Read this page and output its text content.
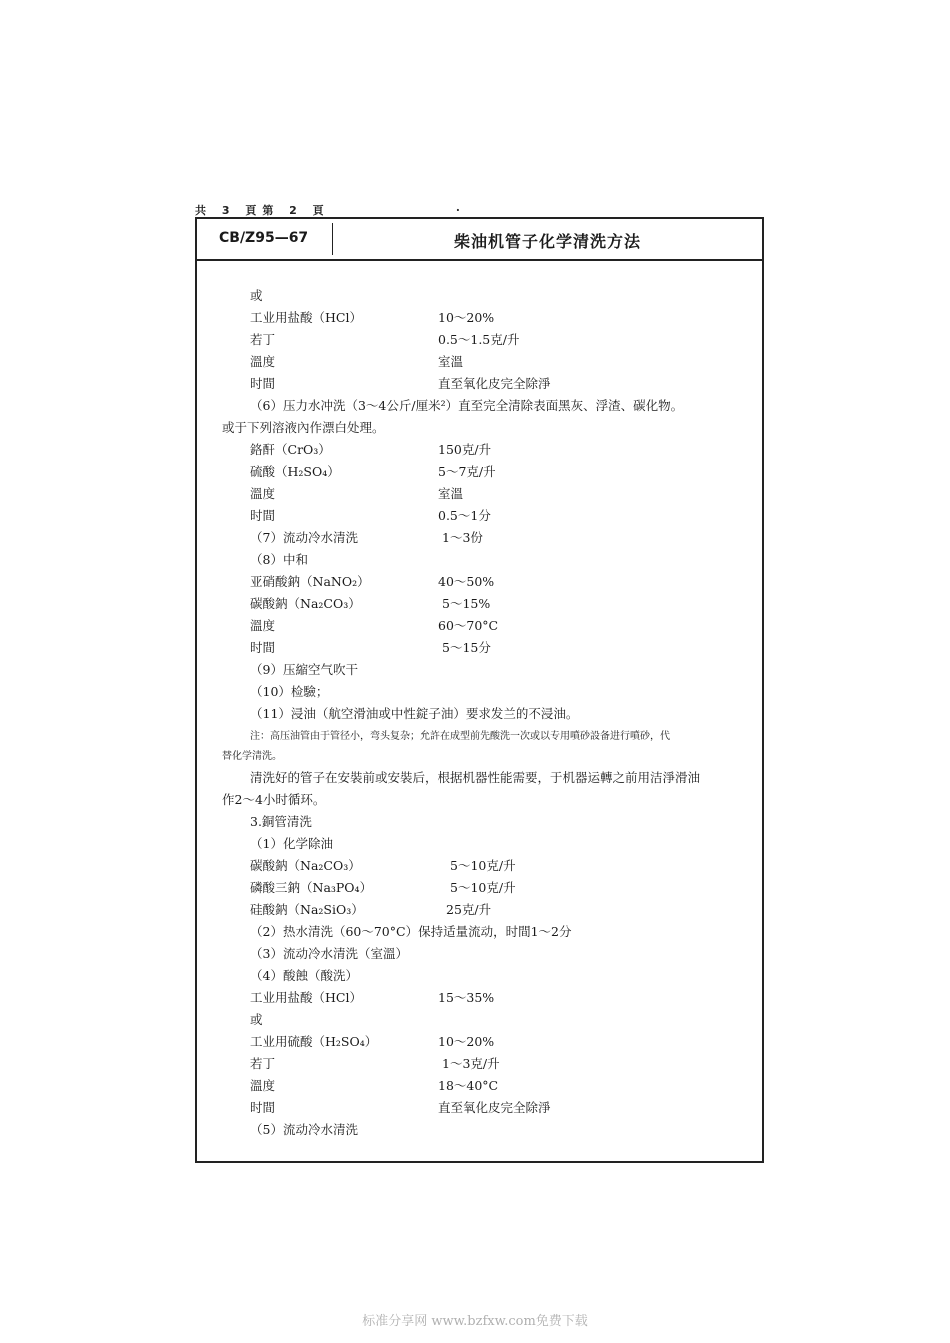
共 3 頁第 2 頁	·
CB/Z95—67	柴油机管子化学清洗方法
或
工业用盐酸（HCl）	10～20%
若丁	0.5～1.5克/升
溫度	室溫
时間	直至氧化皮完全除淨
（6）压力水冲洗（3～4公斤/厘米²）直至完全清除表面黑灰、浮渣、碳化物。
或于下列溶液內作漂白处理。
鉻酐（CrO₃）	150克/升
硫酸（H₂SO₄）	5～7克/升
溫度	室溫
时間	0.5～1分
（7）流动冷水清洗	1～3份
（8）中和
亚硝酸鈉（NaNO₂）	40～50%
碳酸鈉（Na₂CO₃）	5～15%
溫度	60～70°C
时間	5～15分
（9）压縮空气吹干
（10）检驗；
（11）浸油（航空滑油或中性錠子油）要求发兰的不浸油。
注：高压油管由于管径小，弯头复杂；允許在成型前先酸洗一次或以专用噴砂設备进行噴砂，代
替化学清洗。
清洗好的管子在安裝前或安裝后，根据机器性能需要，于机器运轉之前用洁淨滑油
作2～4小时循环。
3.銅管清洗
（1）化学除油
碳酸鈉（Na₂CO₃）	5～10克/升
磷酸三鈉（Na₃PO₄）	5～10克/升
硅酸鈉（Na₂SiO₃）	25克/升
（2）热水清洗（60～70°C）保持适量流动，时間1～2分
（3）流动冷水清洗（室溫）
（4）酸蝕（酸洗）
工业用盐酸（HCl）	15～35%
或
工业用硫酸（H₂SO₄）	10～20%
若丁	1～3克/升
溫度	18～40°C
时間	直至氧化皮完全除淨
（5）流动冷水清洗
标准分享网 www.bzfxw.com免费下载
